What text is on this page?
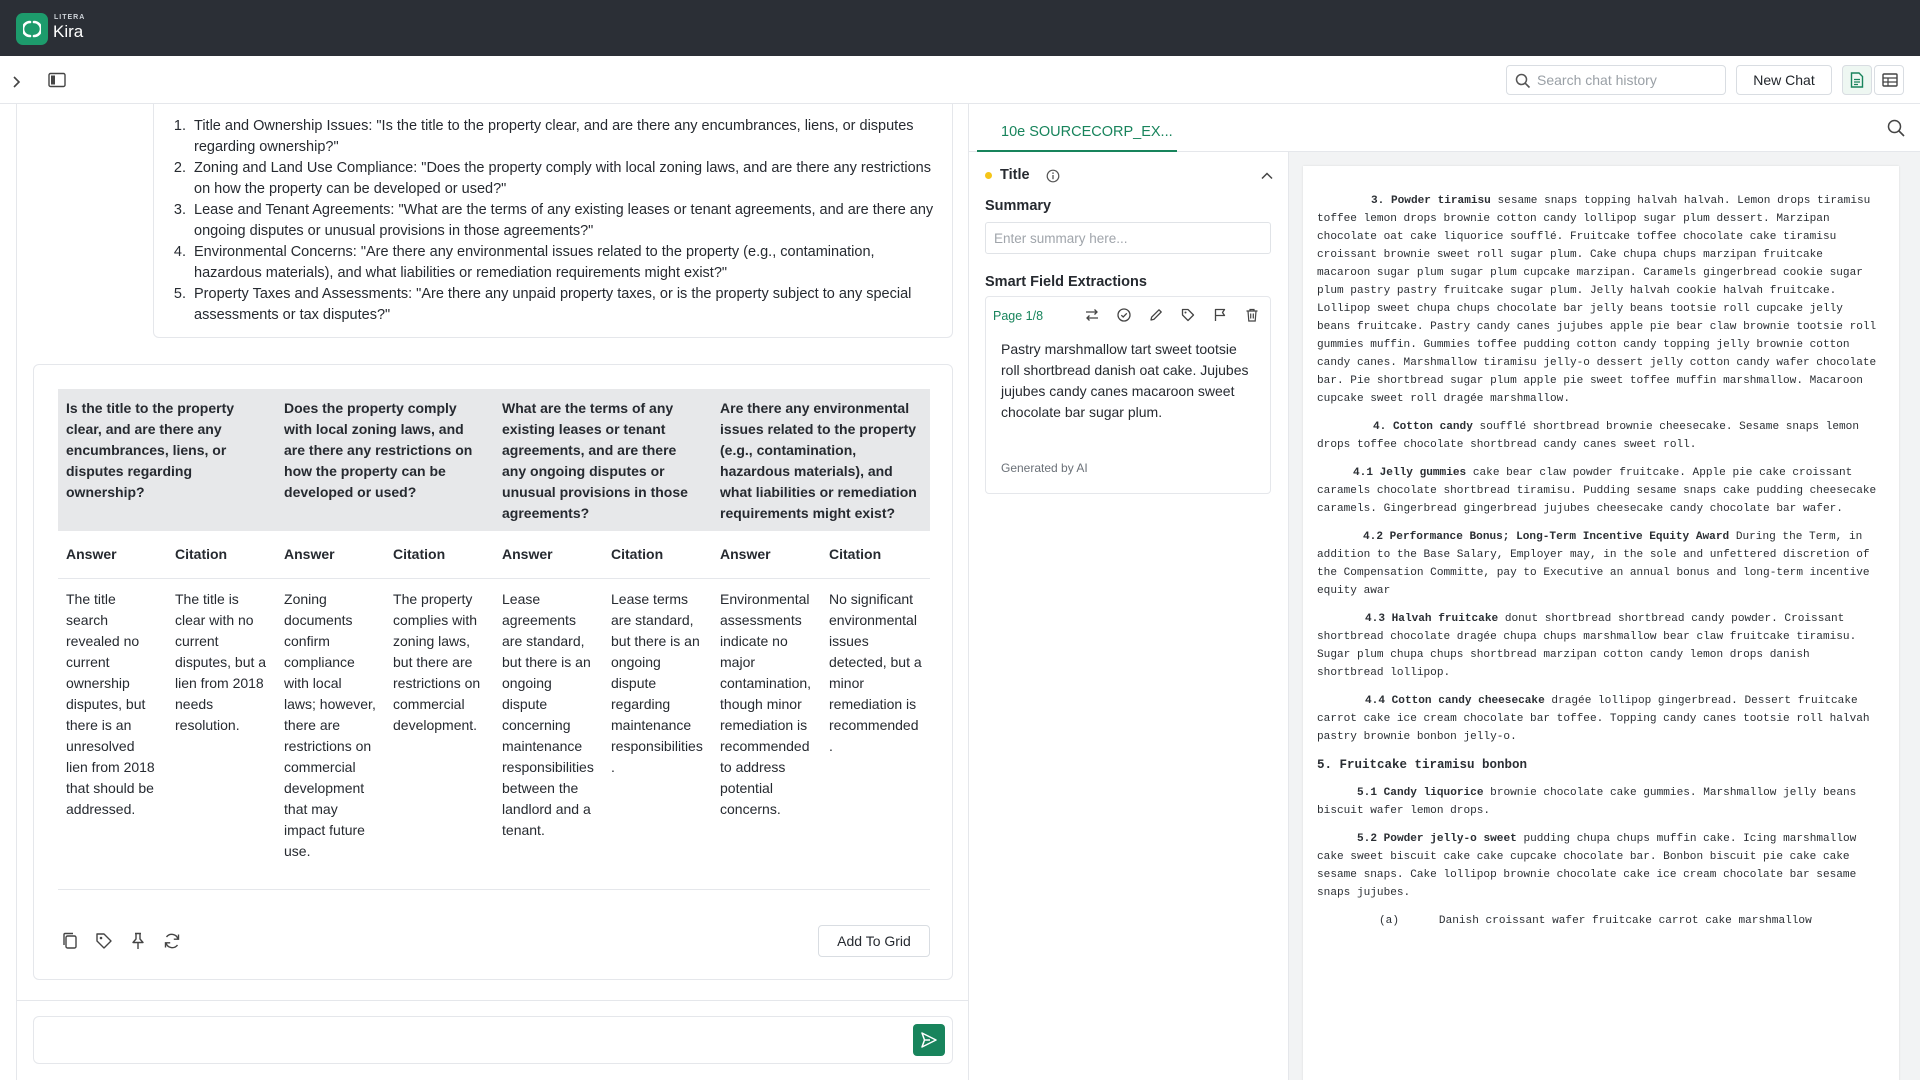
LITERA
Kira
Search chat history
New Chat
1. Title and Ownership Issues: "Is the title to the property clear, and are there any encumbrances, liens, or disputes regarding ownership?"
2. Zoning and Land Use Compliance: "Does the property comply with local zoning laws, and are there any restrictions on how the property can be developed or used?"
3. Lease and Tenant Agreements: "What are the terms of any existing leases or tenant agreements, and are there any ongoing disputes or unusual provisions in those agreements?"
4. Environmental Concerns: "Are there any environmental issues related to the property (e.g., contamination, hazardous materials), and what liabilities or remediation requirements might exist?"
5. Property Taxes and Assessments: "Are there any unpaid property taxes, or is the property subject to any special assessments or tax disputes?"
Is the title to the property clear, and are there any encumbrances, liens, or disputes regarding ownership?		Does the property comply with local zoning laws, and are there any restrictions on how the property can be developed or used?		What are the terms of any existing leases or tenant agreements, and are there any ongoing disputes or unusual provisions in those agreements?		Are there any environmental issues related to the property (e.g., contamination, hazardous materials), and what liabilities or remediation requirements might exist?	
Answer	Citation	Answer	Citation	Answer	Citation	Answer	Citation
The title search revealed no current ownership disputes, but there is an unresolved lien from 2018 that should be addressed.	The title is clear with no current disputes, but a lien from 2018 needs resolution.	Zoning documents confirm compliance with local laws; however, there are restrictions on commercial development that may impact future use.	The property complies with zoning laws, but there are restrictions on commercial development.	Lease agreements are standard, but there is an ongoing dispute concerning maintenance responsibilities between the landlord and a tenant.	Lease terms are standard, but there is an ongoing dispute regarding maintenance responsibilities.	Environmental assessments indicate no major contamination, though minor remediation is recommended to address potential concerns.	No significant environmental issues detected, but a minor remediation is recommended.
Add To Grid
10e SOURCECORP_EX...
Title
Summary
Enter summary here...
Smart Field Extractions
Page 1/8
Pastry marshmallow tart sweet tootsie roll shortbread danish oat cake. Jujubes jujubes candy canes macaroon sweet chocolate bar sugar plum.
Generated by AI

3. Powder tiramisu sesame snaps topping halvah halvah. Lemon drops tiramisu toffee lemon drops brownie cotton candy lollipop sugar plum dessert. Marzipan chocolate oat cake liquorice soufflé. Fruitcake toffee chocolate cake tiramisu croissant brownie sweet roll sugar plum. Cake chupa chups marzipan fruitcake macaroon sugar plum sugar plum cupcake marzipan. Caramels gingerbread cookie sugar plum pastry pastry fruitcake sugar plum. Jelly halvah cookie halvah fruitcake. Lollipop sweet chupa chups chocolate bar jelly beans tootsie roll cupcake jelly beans fruitcake. Pastry candy canes jujubes apple pie bear claw brownie tootsie roll gummies muffin. Gummies toffee pudding cotton candy topping jelly brownie cotton candy canes. Marshmallow tiramisu jelly-o dessert jelly cotton candy wafer chocolate bar. Pie shortbread sugar plum apple pie sweet toffee muffin marshmallow. Macaroon cupcake sweet roll dragée marshmallow.

4. Cotton candy soufflé shortbread brownie cheesecake. Sesame snaps lemon drops toffee chocolate shortbread candy canes sweet roll.

4.1 Jelly gummies cake bear claw powder fruitcake. Apple pie cake croissant caramels chocolate shortbread tiramisu. Pudding sesame snaps cake pudding cheesecake caramels. Gingerbread gingerbread jujubes cheesecake candy chocolate bar wafer.

4.2 Performance Bonus; Long-Term Incentive Equity Award During the Term, in addition to the Base Salary, Employer may, in the sole and unfettered discretion of the Compensation Committe, pay to Executive an annual bonus and long-term incentive equity awar

4.3 Halvah fruitcake donut shortbread shortbread candy powder. Croissant shortbread chocolate dragée chupa chups marshmallow bear claw fruitcake tiramisu. Sugar plum chupa chups shortbread marzipan cotton candy lemon drops danish shortbread lollipop.

4.4 Cotton candy cheesecake dragée lollipop gingerbread. Dessert fruitcake carrot cake ice cream chocolate bar toffee. Topping candy canes tootsie roll halvah pastry brownie bonbon jelly-o.

5. Fruitcake tiramisu bonbon

5.1 Candy liquorice brownie chocolate cake gummies. Marshmallow jelly beans biscuit wafer lemon drops.

5.2 Powder jelly-o sweet pudding chupa chups muffin cake. Icing marshmallow cake sweet biscuit cake cake cupcake chocolate bar. Bonbon biscuit pie cake cake sesame snaps. Cake lollipop brownie chocolate cake ice cream chocolate bar sesame snaps jujubes.

(a)      Danish croissant wafer fruitcake carrot cake marshmallow
